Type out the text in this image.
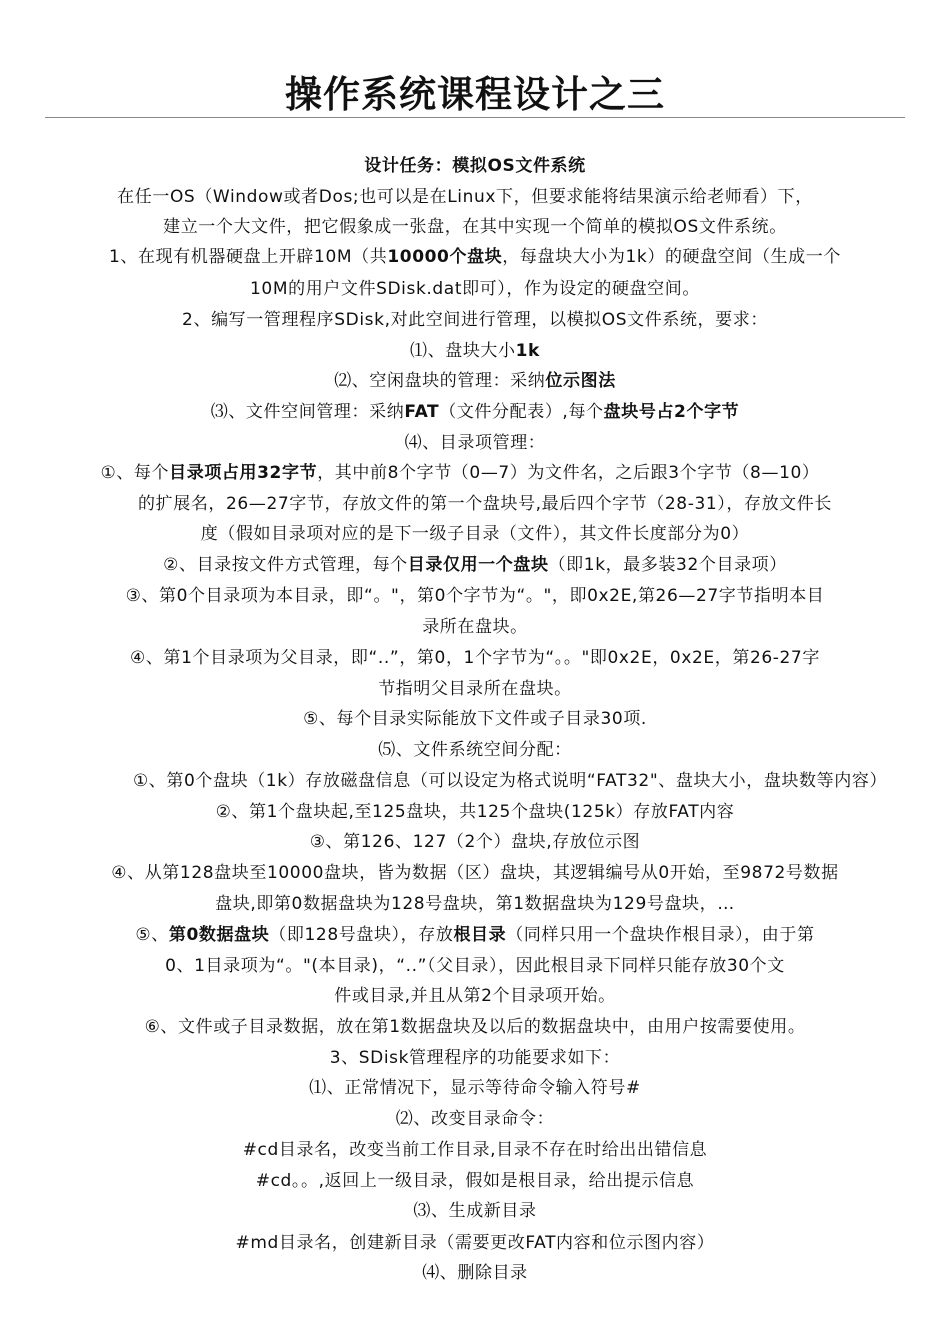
操作系统课程设计之三
设计任务：模拟OS文件系统
在任一OS（Window或者Dos;也可以是在Linux下，但要求能将结果演示给老师看）下，
建立一个大文件，把它假象成一张盘，在其中实现一个简单的模拟OS文件系统。
1、在现有机器硬盘上开辟10M（共10000个盘块，每盘块大小为1k）的硬盘空间（生成一个
10M的用户文件SDisk.dat即可），作为设定的硬盘空间。
2、编写一管理程序SDisk,对此空间进行管理，以模拟OS文件系统，要求：
⑴、盘块大小1k
⑵、空闲盘块的管理：采纳位示图法
⑶、文件空间管理：采纳FAT（文件分配表）,每个盘块号占2个字节
⑷、目录项管理：
①、每个目录项占用32字节，其中前8个字节（0—7）为文件名，之后跟3个字节（8—10）
的扩展名，26—27字节，存放文件的第一个盘块号,最后四个字节（28-31），存放文件长
度（假如目录项对应的是下一级子目录（文件），其文件长度部分为0）
②、目录按文件方式管理，每个目录仅用一个盘块（即1k，最多装32个目录项）
③、第0个目录项为本目录，即“。"，第0个字节为“。"，即0x2E,第26—27字节指明本目
录所在盘块。
④、第1个目录项为父目录，即“..”，第0，1个字节为“。。"即0x2E，0x2E，第26-27字
节指明父目录所在盘块。
⑤、每个目录实际能放下文件或子目录30项.
⑸、文件系统空间分配：
①、第0个盘块（1k）存放磁盘信息（可以设定为格式说明“FAT32"、盘块大小，盘块数等内容）
②、第1个盘块起,至125盘块，共125个盘块(125k）存放FAT内容
③、第126、127（2个）盘块,存放位示图
④、从第128盘块至10000盘块，皆为数据（区）盘块，其逻辑编号从0开始，至9872号数据
盘块,即第0数据盘块为128号盘块，第1数据盘块为129号盘块，…
⑤、第0数据盘块（即128号盘块），存放根目录（同样只用一个盘块作根目录），由于第
0、1目录项为“。"(本目录)，“..”（父目录），因此根目录下同样只能存放30个文
件或目录,并且从第2个目录项开始。
⑥、文件或子目录数据，放在第1数据盘块及以后的数据盘块中，由用户按需要使用。
3、SDisk管理程序的功能要求如下：
⑴、正常情况下，显示等待命令输入符号#
⑵、改变目录命令：
#cd目录名，改变当前工作目录,目录不存在时给出出错信息
#cd。。,返回上一级目录，假如是根目录，给出提示信息
⑶、生成新目录
#md目录名，创建新目录（需要更改FAT内容和位示图内容）
⑷、删除目录
